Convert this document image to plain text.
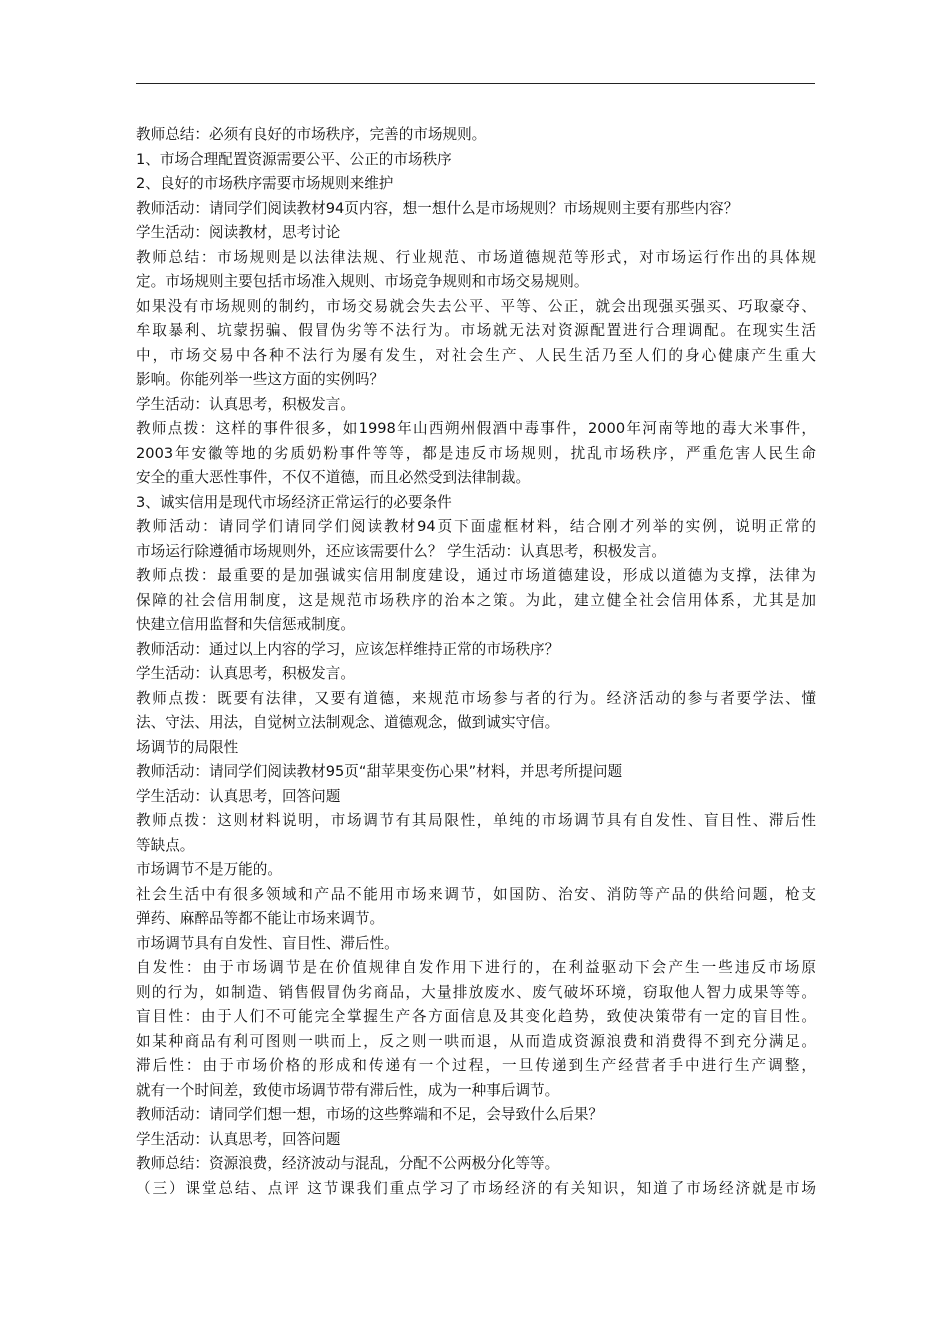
教师总结：必须有良好的市场秩序，完善的市场规则。
1、市场合理配置资源需要公平、公正的市场秩序
2、良好的市场秩序需要市场规则来维护
教师活动：请同学们阅读教材94页内容，想一想什么是市场规则？市场规则主要有那些内容？
学生活动：阅读教材，思考讨论
教师总结：市场规则是以法律法规、行业规范、市场道德规范等形式，对市场运行作出的具体规
定。市场规则主要包括市场准入规则、市场竞争规则和市场交易规则。
如果没有市场规则的制约，市场交易就会失去公平、平等、公正，就会出现强买强买、巧取豪夺、
牟取暴利、坑蒙拐骗、假冒伪劣等不法行为。市场就无法对资源配置进行合理调配。在现实生活
中，市场交易中各种不法行为屡有发生，对社会生产、人民生活乃至人们的身心健康产生重大
影响。你能列举一些这方面的实例吗？
学生活动：认真思考，积极发言。
教师点拨：这样的事件很多，如1998年山西朔州假酒中毒事件，2000年河南等地的毒大米事件，
2003年安徽等地的劣质奶粉事件等等，都是违反市场规则，扰乱市场秩序，严重危害人民生命
安全的重大恶性事件，不仅不道德，而且必然受到法律制裁。
3、诚实信用是现代市场经济正常运行的必要条件
教师活动：请同学们请同学们阅读教材94页下面虚框材料，结合刚才列举的实例，说明正常的
市场运行除遵循市场规则外，还应该需要什么？ 学生活动：认真思考，积极发言。
教师点拨：最重要的是加强诚实信用制度建设，通过市场道德建设，形成以道德为支撑，法律为
保障的社会信用制度，这是规范市场秩序的治本之策。为此，建立健全社会信用体系，尤其是加
快建立信用监督和失信惩戒制度。
教师活动：通过以上内容的学习，应该怎样维持正常的市场秩序？
学生活动：认真思考，积极发言。
教师点拨：既要有法律，又要有道德，来规范市场参与者的行为。经济活动的参与者要学法、懂
法、守法、用法，自觉树立法制观念、道德观念，做到诚实守信。
场调节的局限性
教师活动：请同学们阅读教材95页“甜苹果变伤心果”材料，并思考所提问题
学生活动：认真思考，回答问题
教师点拨：这则材料说明，市场调节有其局限性，单纯的市场调节具有自发性、盲目性、滞后性
等缺点。
市场调节不是万能的。
社会生活中有很多领域和产品不能用市场来调节，如国防、治安、消防等产品的供给问题，枪支
弹药、麻醉品等都不能让市场来调节。
市场调节具有自发性、盲目性、滞后性。
自发性：由于市场调节是在价值规律自发作用下进行的，在利益驱动下会产生一些违反市场原
则的行为，如制造、销售假冒伪劣商品，大量排放废水、废气破坏环境，窃取他人智力成果等等。
盲目性：由于人们不可能完全掌握生产各方面信息及其变化趋势，致使决策带有一定的盲目性。
如某种商品有利可图则一哄而上，反之则一哄而退，从而造成资源浪费和消费得不到充分满足。
滞后性：由于市场价格的形成和传递有一个过程，一旦传递到生产经营者手中进行生产调整，
就有一个时间差，致使市场调节带有滞后性，成为一种事后调节。
教师活动：请同学们想一想，市场的这些弊端和不足，会导致什么后果？
学生活动：认真思考，回答问题
教师总结：资源浪费，经济波动与混乱，分配不公两极分化等等。
（三）课堂总结、点评 这节课我们重点学习了市场经济的有关知识，知道了市场经济就是市场
